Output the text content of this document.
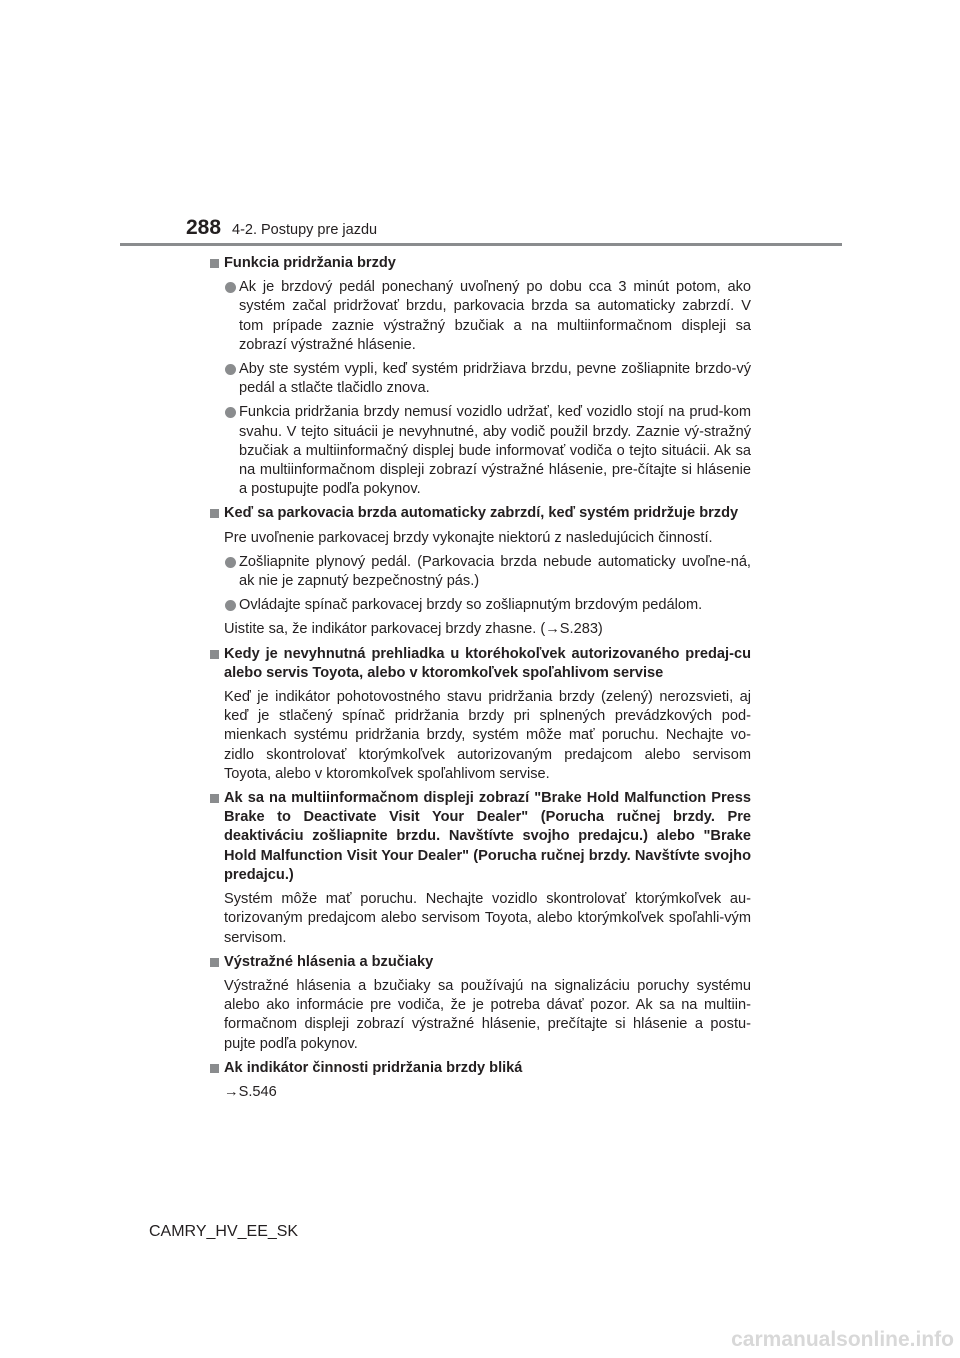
288 4-2. Postupy pre jazdu
Funkcia pridržania brzdy
Ak je brzdový pedál ponechaný uvoľnený po dobu cca 3 minút potom, ako systém začal pridržovať brzdu, parkovacia brzda sa automaticky zabrzdí. V tom prípade zaznie výstražný bzučiak a na multiinformačnom displeji sa zobrazí výstražné hlásenie.
Aby ste systém vypli, keď systém pridržiava brzdu, pevne zošliapnite brzdo-vý pedál a stlačte tlačidlo znova.
Funkcia pridržania brzdy nemusí vozidlo udržať, keď vozidlo stojí na prud-kom svahu. V tejto situácii je nevyhnutné, aby vodič použil brzdy. Zaznie vý-stražný bzučiak a multiinformačný displej bude informovať vodiča o tejto situácii. Ak sa na multiinformačnom displeji zobrazí výstražné hlásenie, pre-čítajte si hlásenie a postupujte podľa pokynov.
Keď sa parkovacia brzda automaticky zabrzdí, keď systém pridržuje brzdy
Pre uvoľnenie parkovacej brzdy vykonajte niektorú z nasledujúcich činností.
Zošliapnite plynový pedál. (Parkovacia brzda nebude automaticky uvoľne-ná, ak nie je zapnutý bezpečnostný pás.)
Ovládajte spínač parkovacej brzdy so zošliapnutým brzdovým pedálom.
Uistite sa, že indikátor parkovacej brzdy zhasne. (→S.283)
Kedy je nevyhnutná prehliadka u ktoréhokoľvek autorizovaného predaj-cu alebo servis Toyota, alebo v ktoromkoľvek spoľahlivom servise
Keď je indikátor pohotovostného stavu pridržania brzdy (zelený) nerozsvieti, aj keď je stlačený spínač pridržania brzdy pri splnených prevádzkových pod-mienkach systému pridržania brzdy, systém môže mať poruchu. Nechajte vo-zidlo skontrolovať ktorýmkoľvek autorizovaným predajcom alebo servisom Toyota, alebo v ktoromkoľvek spoľahlivom servise.
Ak sa na multiinformačnom displeji zobrazí "Brake Hold Malfunction Press Brake to Deactivate Visit Your Dealer" (Porucha ručnej brzdy. Pre deaktiváciu zošliapnite brzdu. Navštívte svojho predajcu.) alebo "Brake Hold Malfunction Visit Your Dealer" (Porucha ručnej brzdy. Navštívte svojho predajcu.)
Systém môže mať poruchu. Nechajte vozidlo skontrolovať ktorýmkoľvek au-torizovaným predajcom alebo servisom Toyota, alebo ktorýmkoľvek spoľahli-vým servisom.
Výstražné hlásenia a bzučiaky
Výstražné hlásenia a bzučiaky sa používajú na signalizáciu poruchy systému alebo ako informácie pre vodiča, že je potreba dávať pozor. Ak sa na multiin-formačnom displeji zobrazí výstražné hlásenie, prečítajte si hlásenie a postu-pujte podľa pokynov.
Ak indikátor činnosti pridržania brzdy bliká
→S.546
CAMRY_HV_EE_SK
carmanualsonline.info
